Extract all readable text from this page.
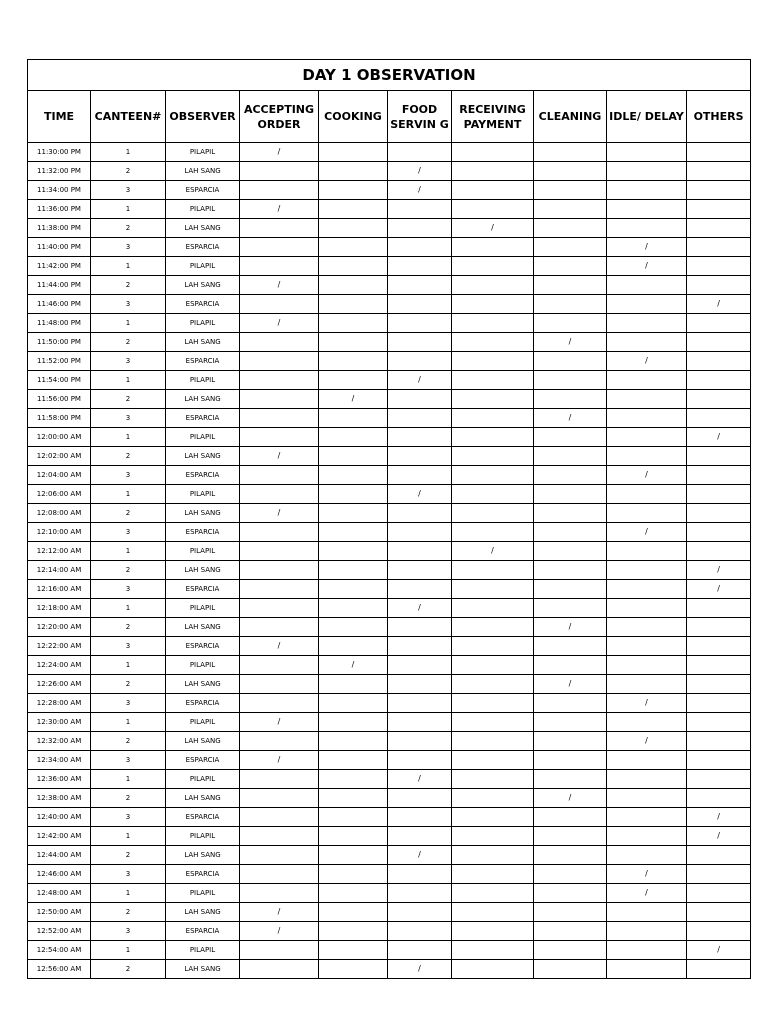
DAY 1 OBSERVATION									
TIME	CANTEEN#	OBSERVER	ACCEPTING ORDER	COOKING	FOOD SERVIN G	RECEIVING PAYMENT	CLEANING	IDLE/ DELAY	OTHERS
11:30:00 PM	1	PILAPIL	/						
11:32:00 PM	2	LAH SANG			/				
11:34:00 PM	3	ESPARCIA			/				
11:36:00 PM	1	PILAPIL	/						
11:38:00 PM	2	LAH SANG				/			
11:40:00 PM	3	ESPARCIA						/	
11:42:00 PM	1	PILAPIL						/	
11:44:00 PM	2	LAH SANG	/						
11:46:00 PM	3	ESPARCIA							/
11:48:00 PM	1	PILAPIL	/						
11:50:00 PM	2	LAH SANG					/		
11:52:00 PM	3	ESPARCIA						/	
11:54:00 PM	1	PILAPIL			/				
11:56:00 PM	2	LAH SANG		/					
11:58:00 PM	3	ESPARCIA					/		
12:00:00 AM	1	PILAPIL							/
12:02:00 AM	2	LAH SANG	/						
12:04:00 AM	3	ESPARCIA						/	
12:06:00 AM	1	PILAPIL			/				
12:08:00 AM	2	LAH SANG	/						
12:10:00 AM	3	ESPARCIA						/	
12:12:00 AM	1	PILAPIL				/			
12:14:00 AM	2	LAH SANG							/
12:16:00 AM	3	ESPARCIA							/
12:18:00 AM	1	PILAPIL			/				
12:20:00 AM	2	LAH SANG					/		
12:22:00 AM	3	ESPARCIA	/						
12:24:00 AM	1	PILAPIL		/					
12:26:00 AM	2	LAH SANG					/		
12:28:00 AM	3	ESPARCIA						/	
12:30:00 AM	1	PILAPIL	/						
12:32:00 AM	2	LAH SANG						/	
12:34:00 AM	3	ESPARCIA	/						
12:36:00 AM	1	PILAPIL			/				
12:38:00 AM	2	LAH SANG					/		
12:40:00 AM	3	ESPARCIA							/
12:42:00 AM	1	PILAPIL							/
12:44:00 AM	2	LAH SANG			/				
12:46:00 AM	3	ESPARCIA						/	
12:48:00 AM	1	PILAPIL						/	
12:50:00 AM	2	LAH SANG	/						
12:52:00 AM	3	ESPARCIA	/						
12:54:00 AM	1	PILAPIL							/
12:56:00 AM	2	LAH SANG			/				
